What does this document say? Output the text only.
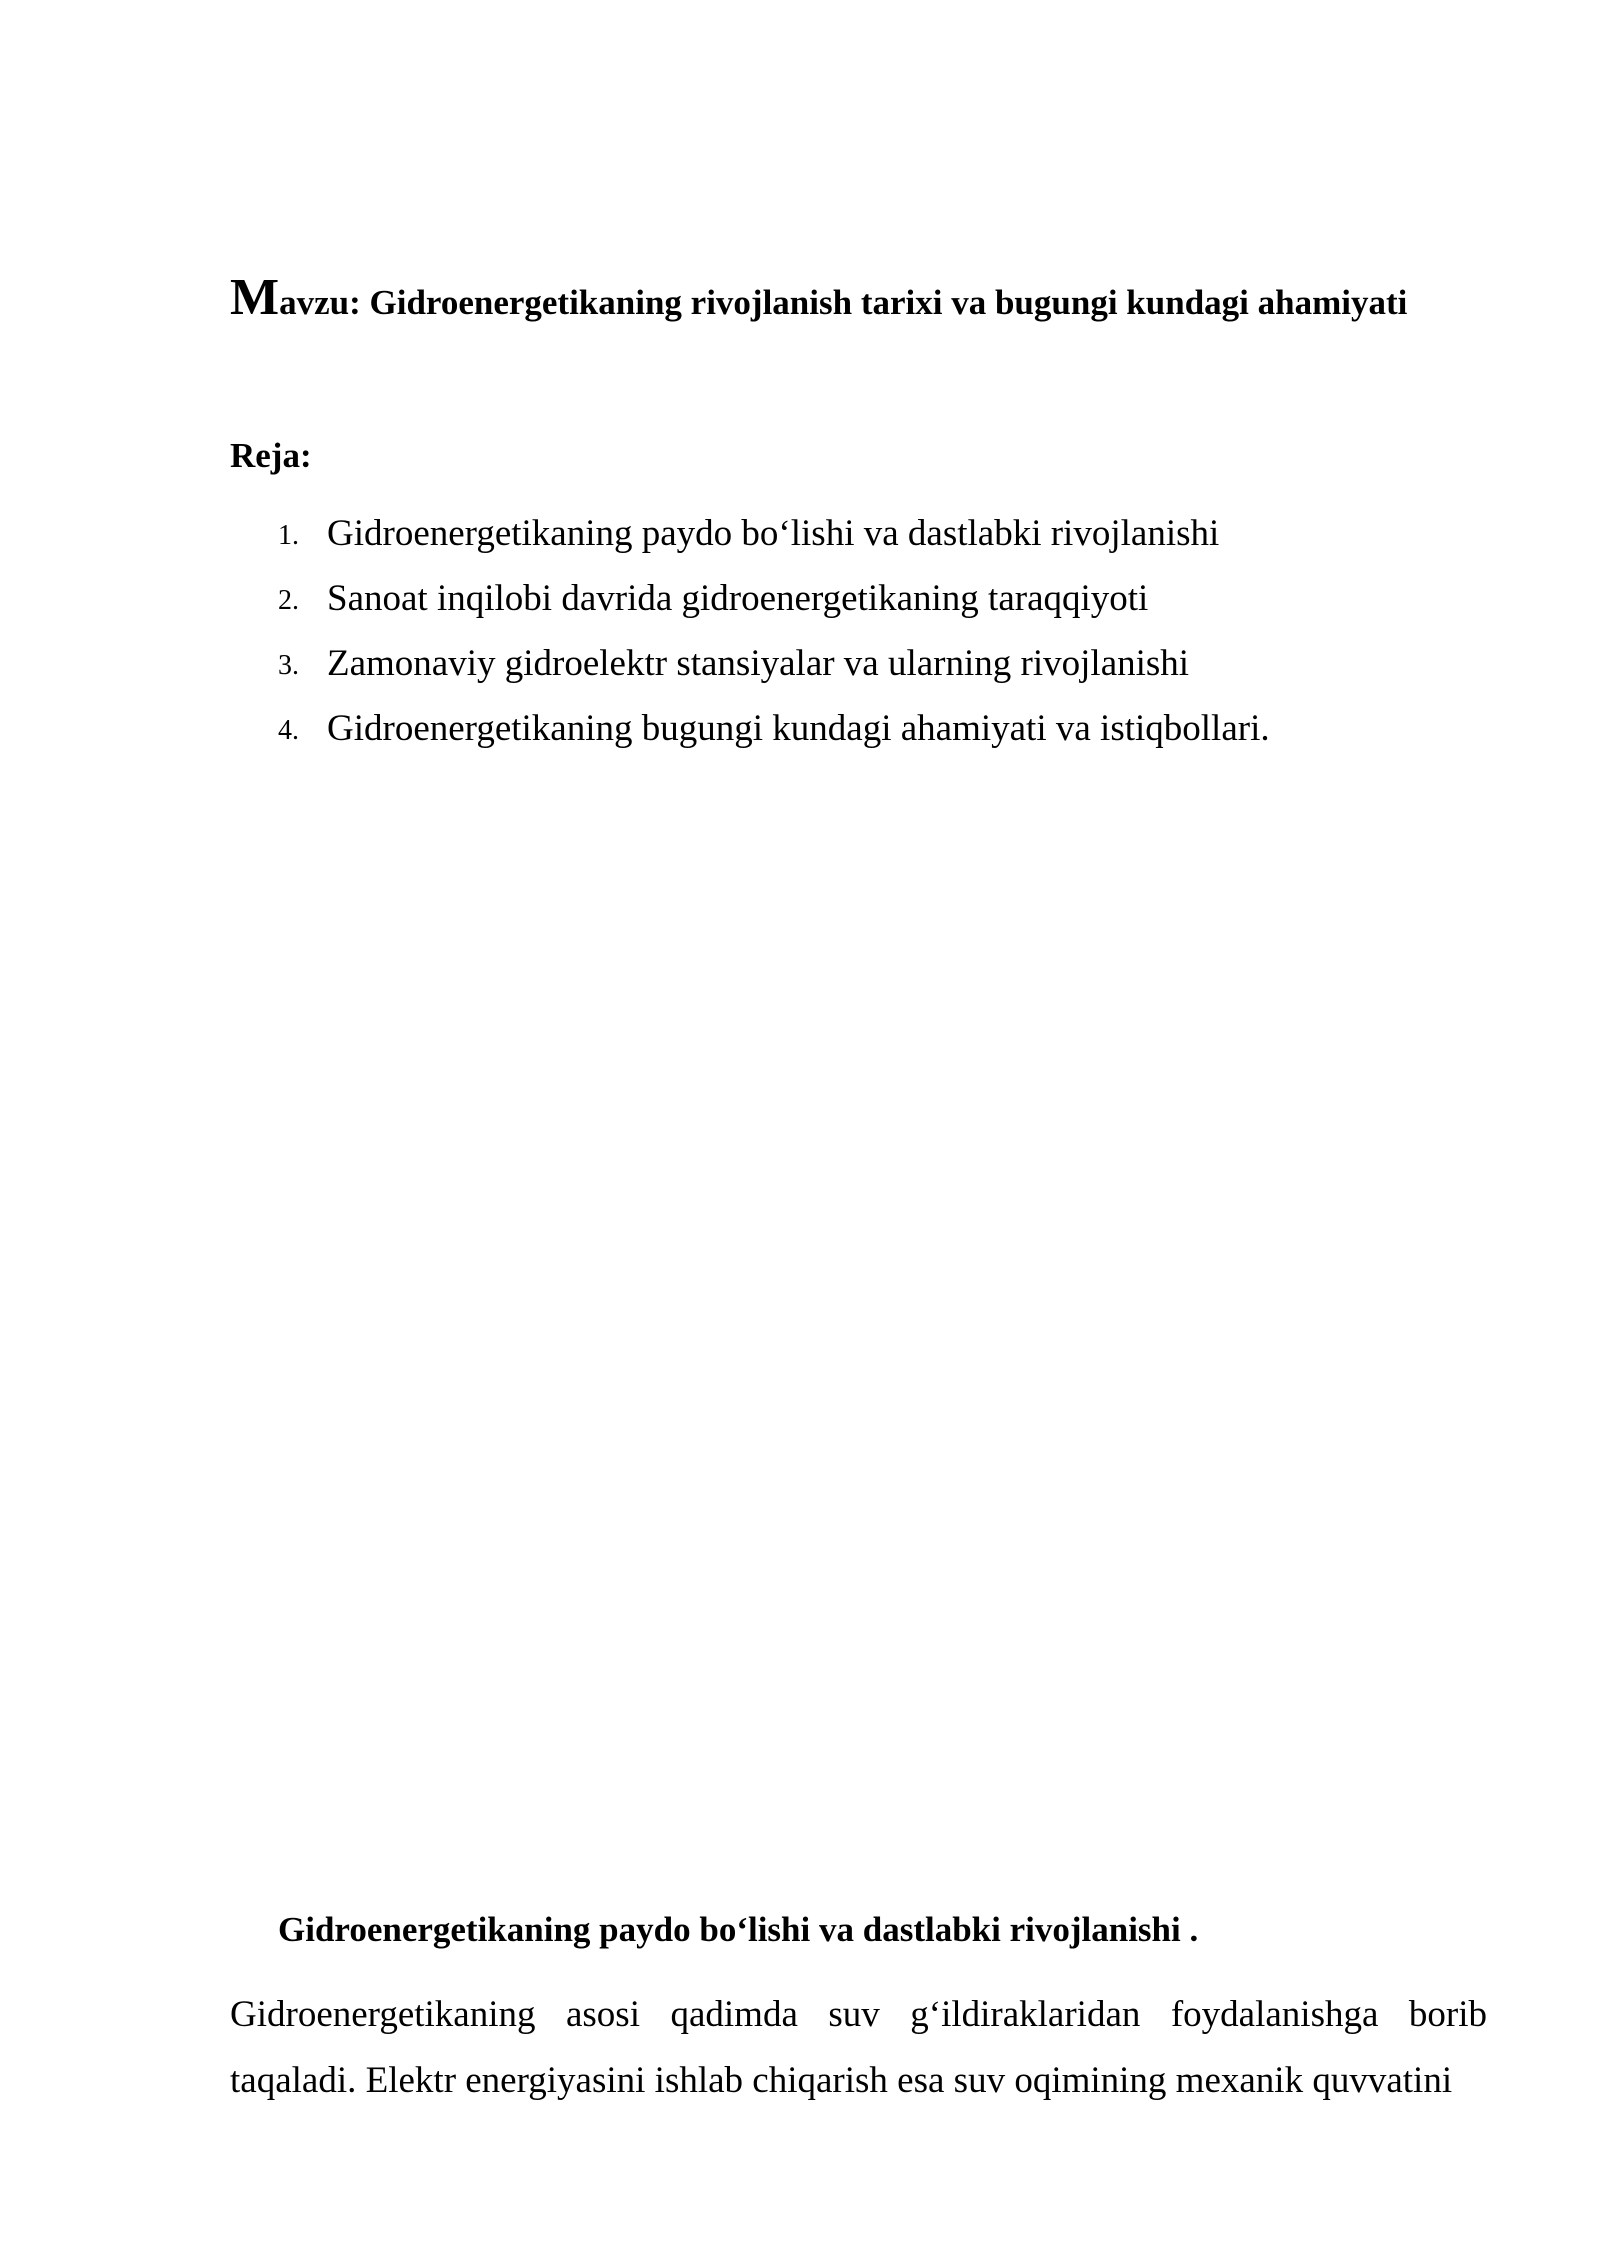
Mavzu: Gidroenergetikaning rivojlanish tarixi va bugungi kundagi ahamiyati
Reja:
1. Gidroenergetikaning paydo bo‘lishi va dastlabki rivojlanishi
2. Sanoat inqilobi davrida gidroenergetikaning taraqqiyoti
3. Zamonaviy gidroelektr stansiyalar va ularning rivojlanishi
4. Gidroenergetikaning bugungi kundagi ahamiyati va istiqbollari.
Gidroenergetikaning paydo bo‘lishi va dastlabki rivojlanishi .

Gidroenergetikaning asosi qadimda suv g‘ildiraklaridan foydalanishga borib taqaladi. Elektr energiyasini ishlab chiqarish esa suv oqimining mexanik quvvatini
